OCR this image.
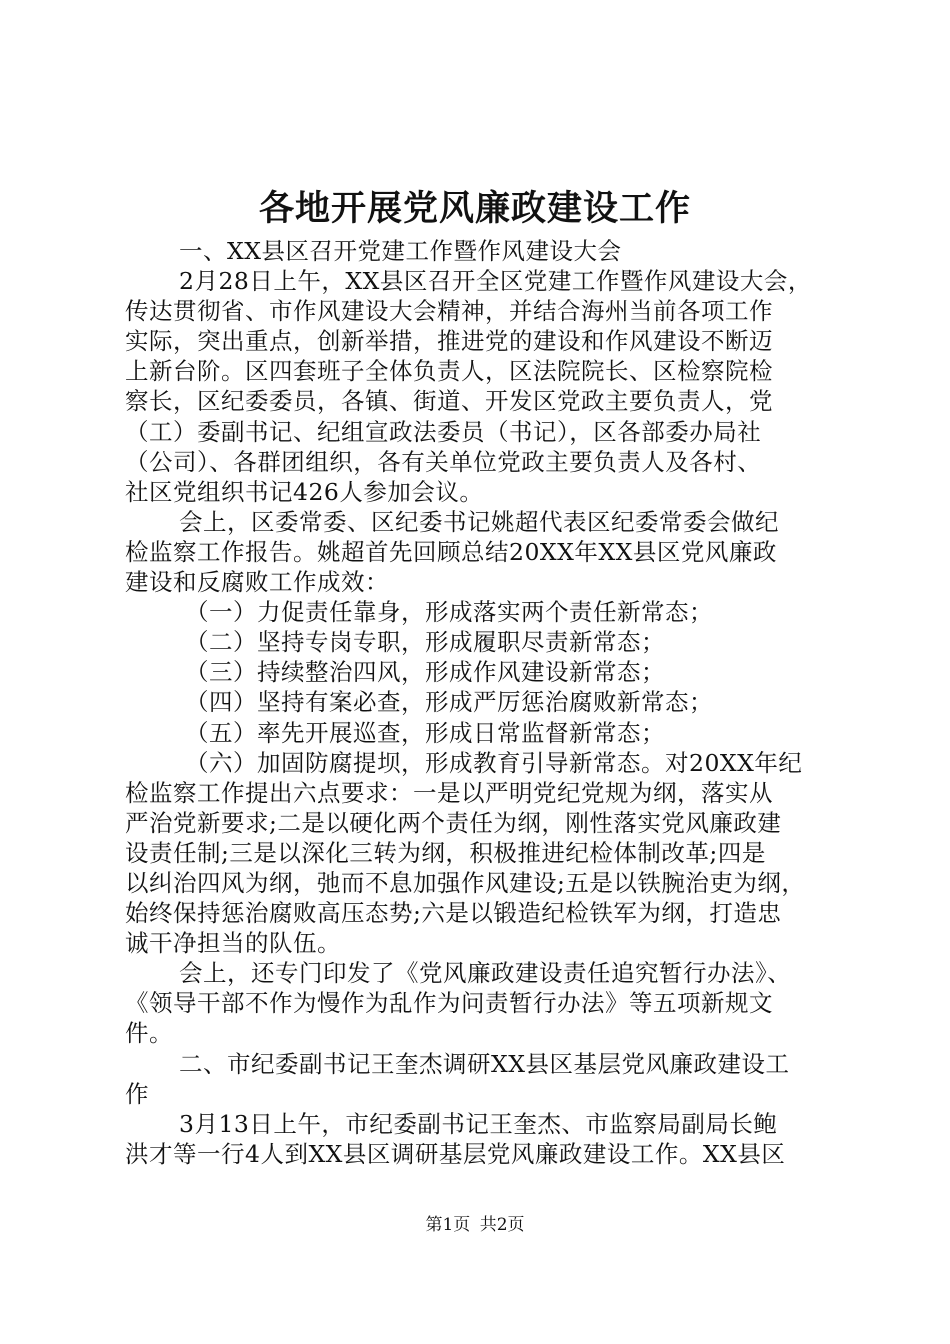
各地开展党风廉政建设工作
一、XX县区召开党建工作暨作风建设大会
2月28日上午，XX县区召开全区党建工作暨作风建设大会，
传达贯彻省、市作风建设大会精神，并结合海州当前各项工作
实际，突出重点，创新举措，推进党的建设和作风建设不断迈
上新台阶。区四套班子全体负责人，区法院院长、区检察院检
察长，区纪委委员，各镇、街道、开发区党政主要负责人，党
（工）委副书记、纪组宣政法委员（书记），区各部委办局社
（公司）、各群团组织，各有关单位党政主要负责人及各村、
社区党组织书记426人参加会议。
会上，区委常委、区纪委书记姚超代表区纪委常委会做纪
检监察工作报告。姚超首先回顾总结20XX年XX县区党风廉政
建设和反腐败工作成效：
（一）力促责任靠身，形成落实两个责任新常态；
（二）坚持专岗专职，形成履职尽责新常态；
（三）持续整治四风，形成作风建设新常态；
（四）坚持有案必查，形成严厉惩治腐败新常态；
（五）率先开展巡查，形成日常监督新常态；
（六）加固防腐提坝，形成教育引导新常态。对20XX年纪
检监察工作提出六点要求：一是以严明党纪党规为纲，落实从
严治党新要求;二是以硬化两个责任为纲，刚性落实党风廉政建
设责任制;三是以深化三转为纲，积极推进纪检体制改革;四是
以纠治四风为纲，弛而不息加强作风建设;五是以铁腕治吏为纲，
始终保持惩治腐败高压态势;六是以锻造纪检铁军为纲，打造忠
诚干净担当的队伍。
会上，还专门印发了《党风廉政建设责任追究暂行办法》、
《领导干部不作为慢作为乱作为问责暂行办法》等五项新规文
件。
二、市纪委副书记王奎杰调研XX县区基层党风廉政建设工
作
3月13日上午，市纪委副书记王奎杰、市监察局副局长鲍
洪才等一行4人到XX县区调研基层党风廉政建设工作。XX县区
第1页 共2页
